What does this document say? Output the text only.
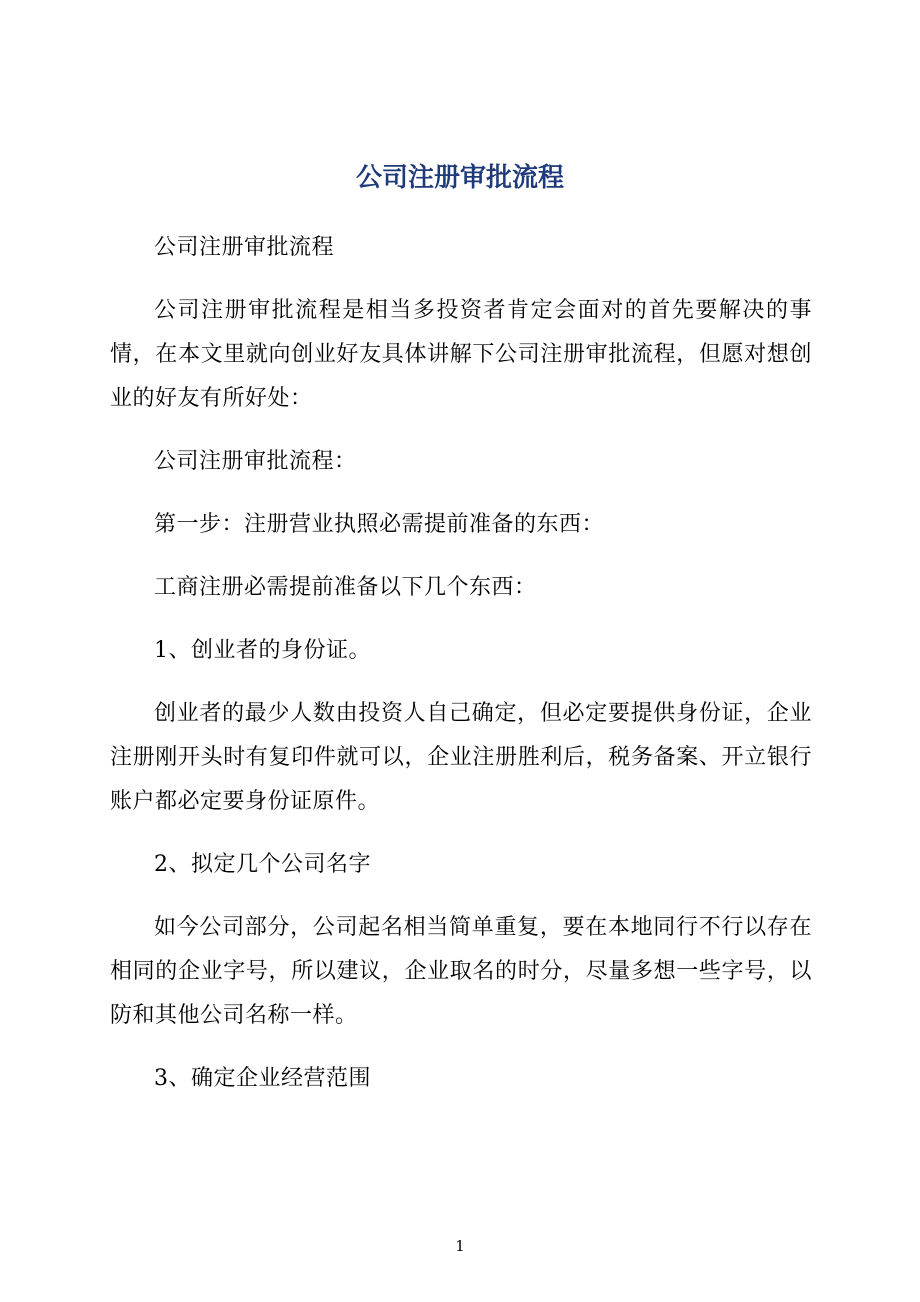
公司注册审批流程

公司注册审批流程

公司注册审批流程是相当多投资者肯定会面对的首先要解决的事情，在本文里就向创业好友具体讲解下公司注册审批流程，但愿对想创业的好友有所好处：

公司注册审批流程：

第一步：注册营业执照必需提前准备的东西：

工商注册必需提前准备以下几个东西：

1、创业者的身份证。

创业者的最少人数由投资人自己确定，但必定要提供身份证，企业注册刚开头时有复印件就可以，企业注册胜利后，税务备案、开立银行账户都必定要身份证原件。

2、拟定几个公司名字

如今公司部分，公司起名相当简单重复，要在本地同行不行以存在相同的企业字号，所以建议，企业取名的时分，尽量多想一些字号，以防和其他公司名称一样。

3、确定企业经营范围

1
